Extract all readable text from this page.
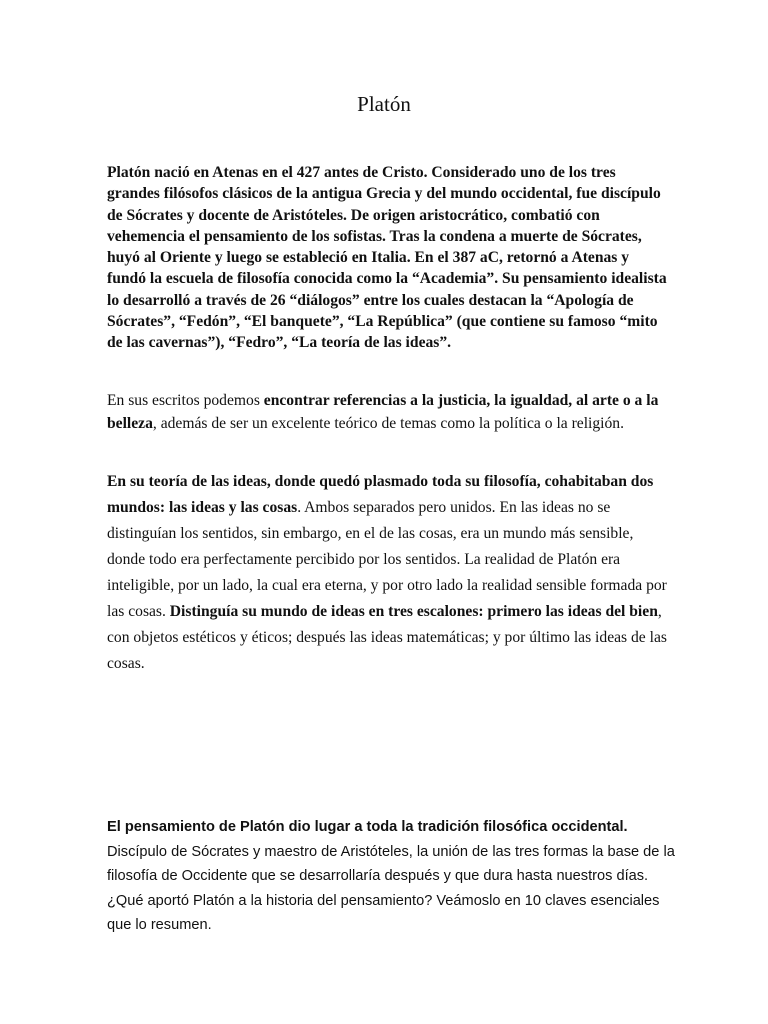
Platón

Platón nació en Atenas en el 427 antes de Cristo. Considerado uno de los tres grandes filósofos clásicos de la antigua Grecia y del mundo occidental, fue discípulo de Sócrates y docente de Aristóteles. De origen aristocrático, combatió con vehemencia el pensamiento de los sofistas. Tras la condena a muerte de Sócrates, huyó al Oriente y luego se estableció en Italia. En el 387 aC, retornó a Atenas y fundó la escuela de filosofía conocida como la “Academia”. Su pensamiento idealista lo desarrolló a través de 26 “diálogos” entre los cuales destacan la “Apología de Sócrates”, “Fedón”, “El banquete”, “La República” (que contiene su famoso “mito de las cavernas”), “Fedro”, “La teoría de las ideas”.

En sus escritos podemos encontrar referencias a la justicia, la igualdad, al arte o a la belleza, además de ser un excelente teórico de temas como la política o la religión.

En su teoría de las ideas, donde quedó plasmado toda su filosofía, cohabitaban dos mundos: las ideas y las cosas. Ambos separados pero unidos. En las ideas no se distinguían los sentidos, sin embargo, en el de las cosas, era un mundo más sensible, donde todo era perfectamente percibido por los sentidos. La realidad de Platón era inteligible, por un lado, la cual era eterna, y por otro lado la realidad sensible formada por las cosas. Distinguía su mundo de ideas en tres escalones: primero las ideas del bien, con objetos estéticos y éticos; después las ideas matemáticas; y por último las ideas de las cosas.

El pensamiento de Platón dio lugar a toda la tradición filosófica occidental. Discípulo de Sócrates y maestro de Aristóteles, la unión de las tres formas la base de la filosofía de Occidente que se desarrollaría después y que dura hasta nuestros días. ¿Qué aportó Platón a la historia del pensamiento? Veámoslo en 10 claves esenciales que lo resumen.
